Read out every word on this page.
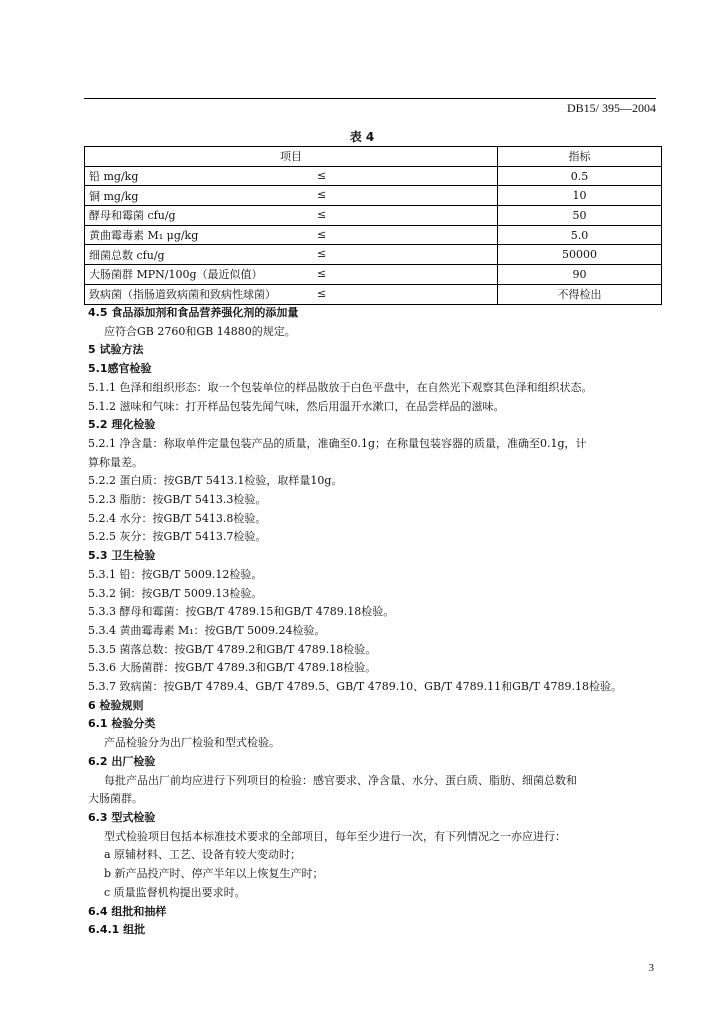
DB15/ 395—2004
表 4
项目	指标
铅 mg/kg ≤	0.5
铜 mg/kg ≤	10
酵母和霉菌 cfu/g ≤	50
黄曲霉毒素 M₁ μg/kg ≤	5.0
细菌总数 cfu/g ≤	50000
大肠菌群 MPN/100g（最近似值） ≤	90
致病菌（指肠道致病菌和致病性球菌） ≤	不得检出

4.5 食品添加剂和食品营养强化剂的添加量

应符合GB 2760和GB 14880的规定。

5 试验方法

5.1感官检验

5.1.1 色泽和组织形态：取一个包装单位的样品散放于白色平盘中，在自然光下观察其色泽和组织状态。

5.1.2 滋味和气味：打开样品包装先闻气味，然后用温开水漱口，在品尝样品的滋味。

5.2 理化检验

5.2.1 净含量：称取单件定量包装产品的质量，准确至0.1g；在称量包装容器的质量，准确至0.1g，计

算称量差。

5.2.2 蛋白质：按GB/T 5413.1检验，取样量10g。

5.2.3 脂肪：按GB/T 5413.3检验。

5.2.4 水分：按GB/T 5413.8检验。

5.2.5 灰分：按GB/T 5413.7检验。

5.3 卫生检验

5.3.1 铅：按GB/T 5009.12检验。

5.3.2 铜：按GB/T 5009.13检验。

5.3.3 酵母和霉菌：按GB/T 4789.15和GB/T 4789.18检验。

5.3.4 黄曲霉毒素 M₁：按GB/T 5009.24检验。

5.3.5 菌落总数：按GB/T 4789.2和GB/T 4789.18检验。

5.3.6 大肠菌群：按GB/T 4789.3和GB/T 4789.18检验。

5.3.7 致病菌：按GB/T 4789.4、GB/T 4789.5、GB/T 4789.10、GB/T 4789.11和GB/T 4789.18检验。

6 检验规则

6.1 检验分类

产品检验分为出厂检验和型式检验。

6.2 出厂检验

每批产品出厂前均应进行下列项目的检验：感官要求、净含量、水分、蛋白质、脂肪、细菌总数和

大肠菌群。

6.3 型式检验

型式检验项目包括本标准技术要求的全部项目，每年至少进行一次，有下列情况之一亦应进行：

a 原辅材料、工艺、设备有较大变动时；

b 新产品投产时、停产半年以上恢复生产时；

c 质量监督机构提出要求时。

6.4 组批和抽样

6.4.1 组批

3
